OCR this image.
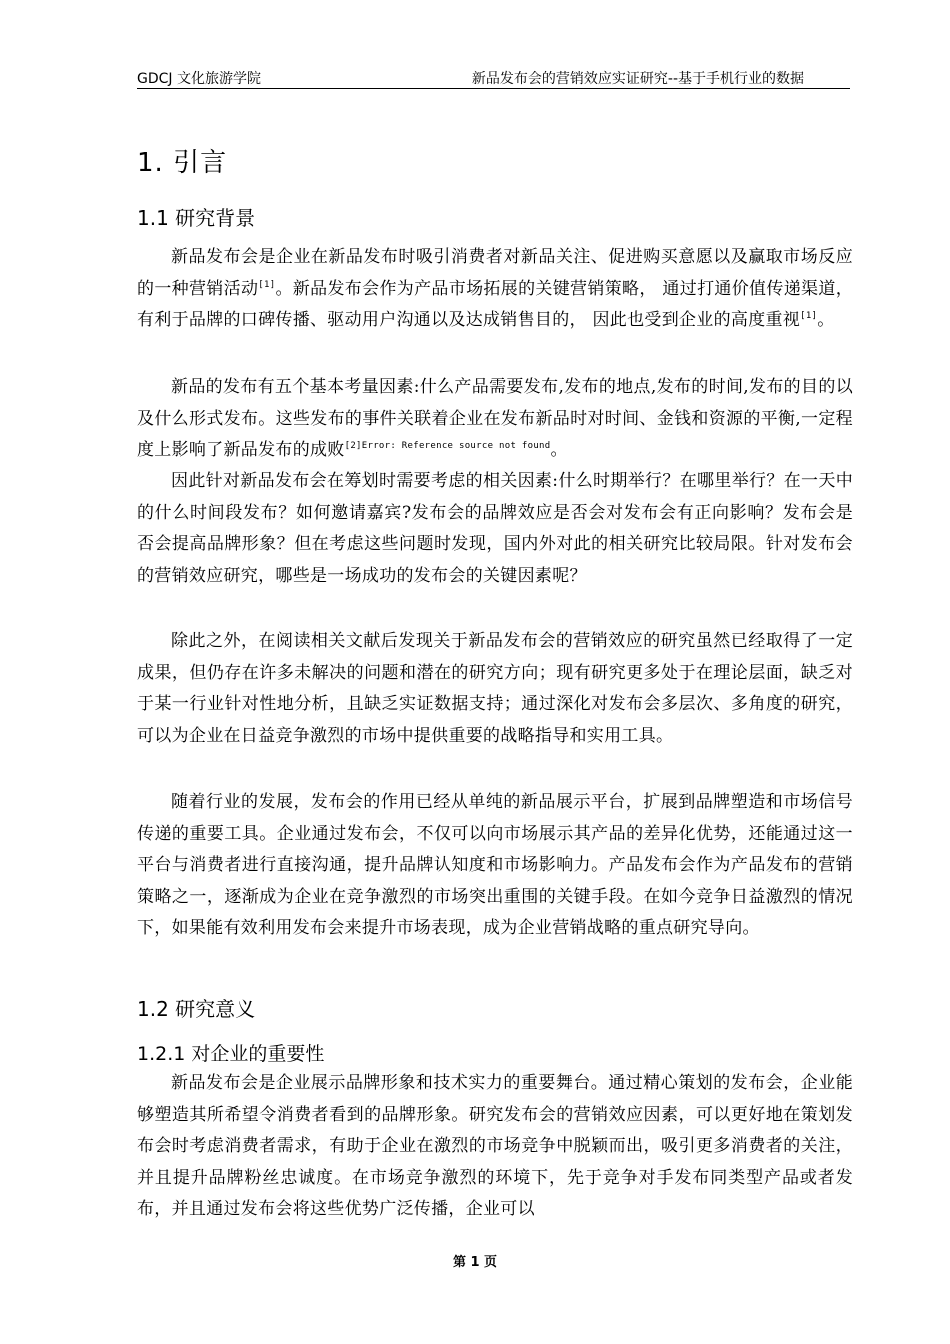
GDCJ 文化旅游学院	新品发布会的营销效应实证研究--基于手机行业的数据
1. 引言
1.1 研究背景

新品发布会是企业在新品发布时吸引消费者对新品关注、促进购买意愿以及赢取市场反应的一种营销活动[1]。新品发布会作为产品市场拓展的关键营销策略， 通过打通价值传递渠道，有利于品牌的口碑传播、驱动用户沟通以及达成销售目的， 因此也受到企业的高度重视[1]。

新品的发布有五个基本考量因素:什么产品需要发布,发布的地点,发布的时间,发布的目的以及什么形式发布。这些发布的事件关联着企业在发布新品时对时间、金钱和资源的平衡,一定程度上影响了新品发布的成败$^{[2]Error: Reference source not found}$。

因此针对新品发布会在筹划时需要考虑的相关因素:什么时期举行？在哪里举行？在一天中的什么时间段发布？如何邀请嘉宾?发布会的品牌效应是否会对发布会有正向影响？发布会是否会提高品牌形象？但在考虑这些问题时发现，国内外对此的相关研究比较局限。针对发布会的营销效应研究，哪些是一场成功的发布会的关键因素呢？

除此之外，在阅读相关文献后发现关于新品发布会的营销效应的研究虽然已经取得了一定成果，但仍存在许多未解决的问题和潜在的研究方向；现有研究更多处于在理论层面，缺乏对于某一行业针对性地分析，且缺乏实证数据支持；通过深化对发布会多层次、多角度的研究，可以为企业在日益竞争激烈的市场中提供重要的战略指导和实用工具。

随着行业的发展，发布会的作用已经从单纯的新品展示平台，扩展到品牌塑造和市场信号传递的重要工具。企业通过发布会，不仅可以向市场展示其产品的差异化优势，还能通过这一平台与消费者进行直接沟通，提升品牌认知度和市场影响力。产品发布会作为产品发布的营销策略之一，逐渐成为企业在竞争激烈的市场突出重围的关键手段。在如今竞争日益激烈的情况下，如果能有效利用发布会来提升市场表现，成为企业营销战略的重点研究导向。

1.2 研究意义
1.2.1 对企业的重要性

新品发布会是企业展示品牌形象和技术实力的重要舞台。通过精心策划的发布会，企业能够塑造其所希望令消费者看到的品牌形象。研究发布会的营销效应因素，可以更好地在策划发布会时考虑消费者需求，有助于企业在激烈的市场竞争中脱颖而出，吸引更多消费者的关注，并且提升品牌粉丝忠诚度。在市场竞争激烈的环境下，先于竞争对手发布同类型产品或者发布，并且通过发布会将这些优势广泛传播，企业可以

第 1 页
